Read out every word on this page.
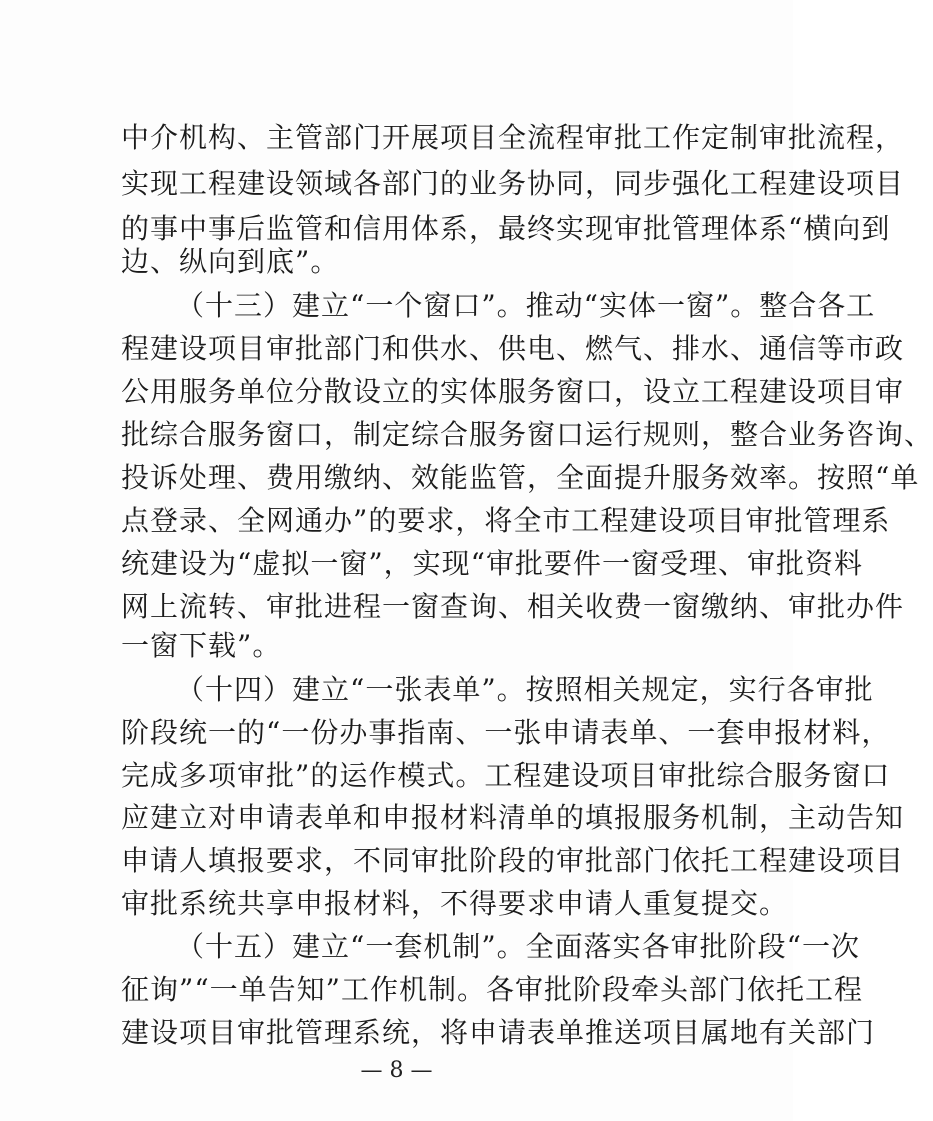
中介机构、主管部门开展项目全流程审批工作定制审批流程，
实现工程建设领域各部门的业务协同，同步强化工程建设项目
的事中事后监管和信用体系，最终实现审批管理体系“横向到
边、纵向到底”。
（十三）建立“一个窗口”。推动“实体一窗”。整合各工
程建设项目审批部门和供水、供电、燃气、排水、通信等市政
公用服务单位分散设立的实体服务窗口，设立工程建设项目审
批综合服务窗口，制定综合服务窗口运行规则，整合业务咨询、
投诉处理、费用缴纳、效能监管，全面提升服务效率。按照“单
点登录、全网通办”的要求，将全市工程建设项目审批管理系
统建设为“虚拟一窗”，实现“审批要件一窗受理、审批资料
网上流转、审批进程一窗查询、相关收费一窗缴纳、审批办件
一窗下载”。
（十四）建立“一张表单”。按照相关规定，实行各审批
阶段统一的“一份办事指南、一张申请表单、一套申报材料，
完成多项审批”的运作模式。工程建设项目审批综合服务窗口
应建立对申请表单和申报材料清单的填报服务机制，主动告知
申请人填报要求，不同审批阶段的审批部门依托工程建设项目
审批系统共享申报材料，不得要求申请人重复提交。
（十五）建立“一套机制”。全面落实各审批阶段“一次
征询”“一单告知”工作机制。各审批阶段牵头部门依托工程
建设项目审批管理系统，将申请表单推送项目属地有关部门
— 8 —
